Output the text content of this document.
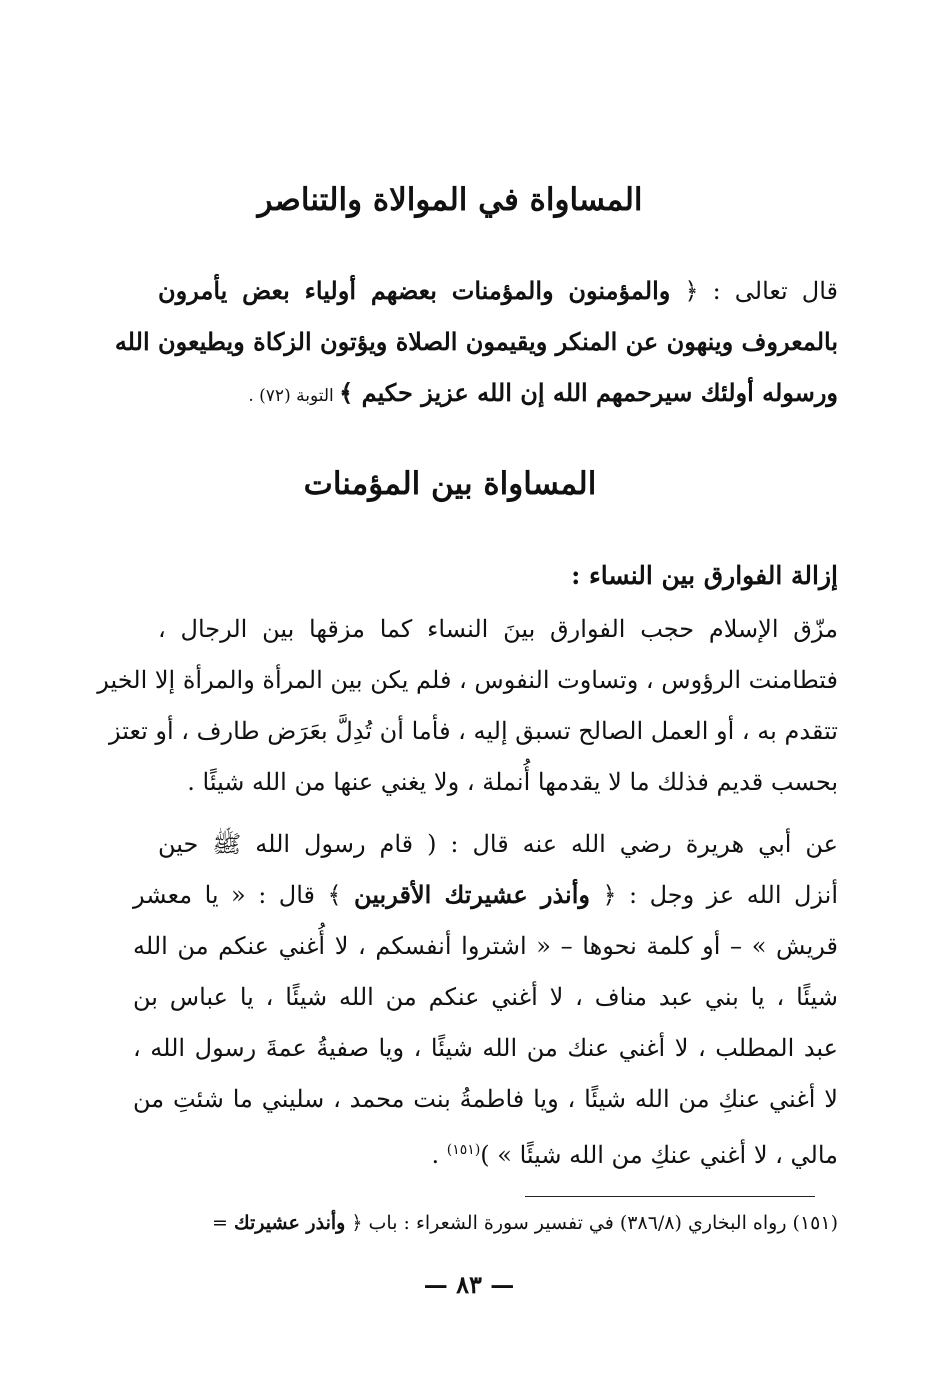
المساواة في الموالاة والتناصر
قال تعالى : ﴿ والمؤمنون والمؤمنات بعضهم أولياء بعض يأمرون
بالمعروف وينهون عن المنكر ويقيمون الصلاة ويؤتون الزكاة ويطيعون الله
ورسوله أولئك سيرحمهم الله إن الله عزيز حكيم ﴾ التوبة (٧٢) .
المساواة بين المؤمنات
إزالة الفوارق بين النساء :
مزّق الإسلام حجب الفوارق بينَ النساء كما مزقها بين الرجال ،
فتطامنت الرؤوس ، وتساوت النفوس ، فلم يكن بين المرأة والمرأة إلا الخير
تتقدم به ، أو العمل الصالح تسبق إليه ، فأما أن تُدِلَّ بعَرَض طارف ، أو تعتز
بحسب قديم فذلك ما لا يقدمها أُنملة ، ولا يغني عنها من الله شيئًا .
عن أبي هريرة رضي الله عنه قال : ( قام رسول الله ﷺ حين
أنزل الله عز وجل : ﴿ وأنذر عشيرتك الأقربين ﴾ قال : « يا معشر
قريش » – أو كلمة نحوها – « اشتروا أنفسكم ، لا أُغني عنكم من الله
شيئًا ، يا بني عبد مناف ، لا أغني عنكم من الله شيئًا ، يا عباس بن
عبد المطلب ، لا أغني عنك من الله شيئًا ، ويا صفيةُ عمةَ رسول الله ،
لا أغني عنكِ من الله شيئًا ، ويا فاطمةُ بنت محمد ، سليني ما شئتِ من
مالي ، لا أغني عنكِ من الله شيئًا » )$^{(١٥١)}$ .
(١٥١) رواه البخاري (٣٨٦/٨) في تفسير سورة الشعراء : باب ﴿ وأنذر عشيرتك =
— ٨٣ —
